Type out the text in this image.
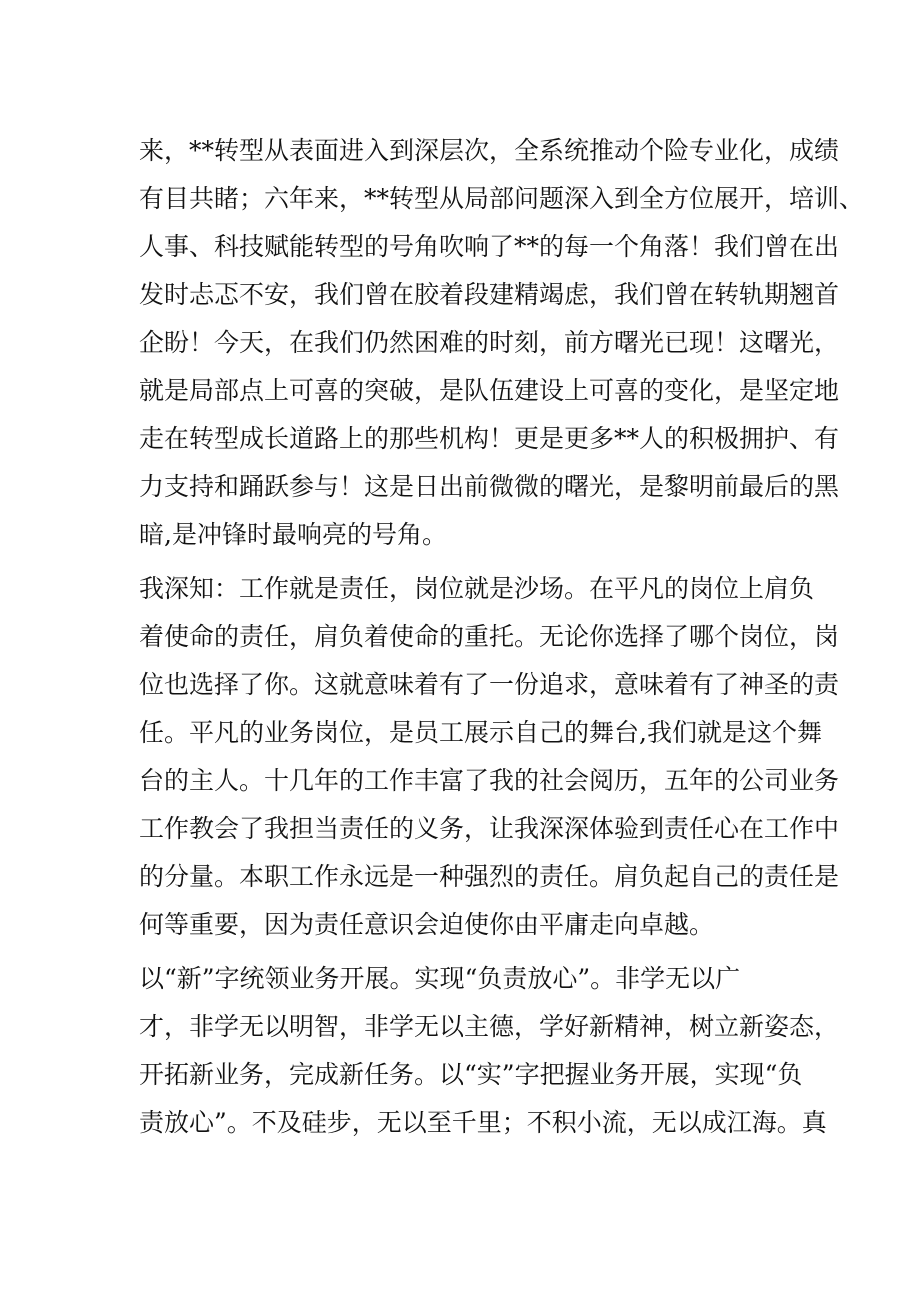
来，**转型从表面进入到深层次，全系统推动个险专业化，成绩
有目共睹；六年来，**转型从局部问题深入到全方位展开，培训、
人事、科技赋能转型的号角吹响了**的每一个角落！我们曾在出
发时忐忑不安，我们曾在胶着段建精竭虑，我们曾在转轨期翘首
企盼！今天，在我们仍然困难的时刻，前方曙光已现！这曙光，
就是局部点上可喜的突破，是队伍建设上可喜的变化，是坚定地
走在转型成长道路上的那些机构！更是更多**人的积极拥护、有
力支持和踊跃参与！这是日出前微微的曙光，是黎明前最后的黑
暗,是冲锋时最响亮的号角。
我深知：工作就是责任，岗位就是沙场。在平凡的岗位上肩负
着使命的责任，肩负着使命的重托。无论你选择了哪个岗位，岗
位也选择了你。这就意味着有了一份追求，意味着有了神圣的责
任。平凡的业务岗位，是员工展示自己的舞台,我们就是这个舞
台的主人。十几年的工作丰富了我的社会阅历，五年的公司业务
工作教会了我担当责任的义务，让我深深体验到责任心在工作中
的分量。本职工作永远是一种强烈的责任。肩负起自己的责任是
何等重要，因为责任意识会迫使你由平庸走向卓越。
以“新”字统领业务开展。实现“负责放心”。非学无以广
才，非学无以明智，非学无以主德，学好新精神，树立新姿态，
开拓新业务，完成新任务。以“实”字把握业务开展，实现“负
责放心”。不及硅步，无以至千里；不积小流，无以成江海。真
